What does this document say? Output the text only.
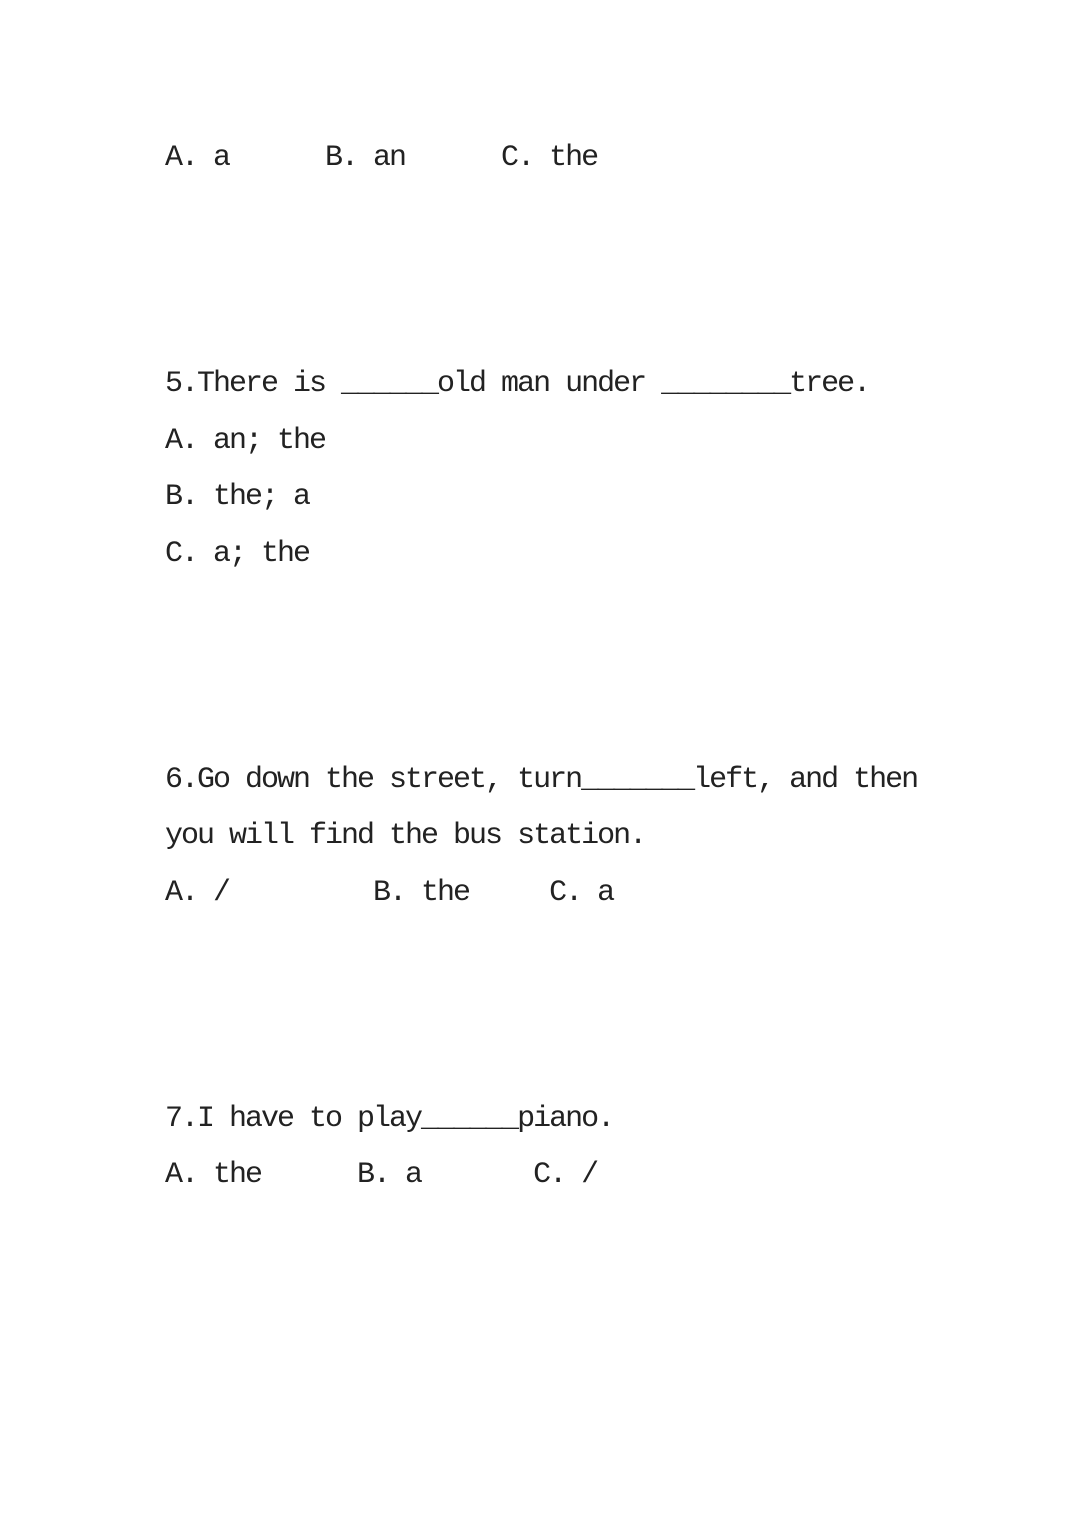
A. a      B. an      C. the
5.There is ______old man under ________tree.
A. an; the
B. the; a
C. a; the
6.Go down the street, turn_______left, and then
you will find the bus station.
A. /         B. the     C. a
7.I have to play______piano.
A. the      B. a       C. /
